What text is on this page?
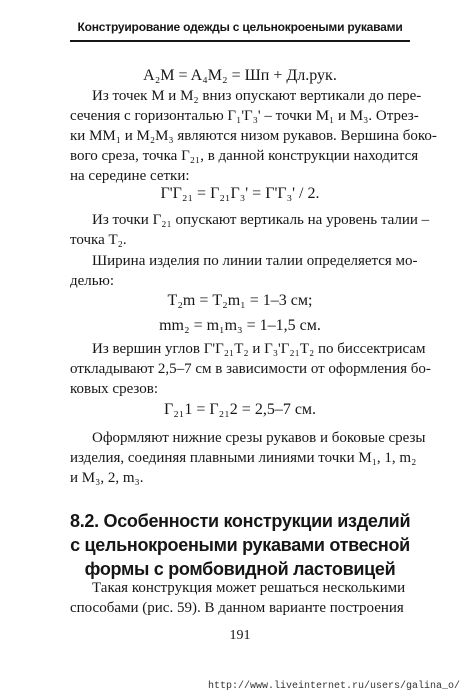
Конструирование одежды с цельнокроеными рукавами
A₂M = A₄M₂ = Шп + Дл.рук.
Из точек М и М₂ вниз опускают вертикали до пере-
сечения с горизонталью Г₁'Г₃' – точки М₁ и М₃. Отрез-
ки ММ₁ и М₂М₃ являются низом рукавов. Вершина боко-
вого среза, точка Г₂₁, в данной конструкции находится
на середине сетки:
Г'Г₂₁ = Г₂₁Г₃' = Г'Г₃' / 2.
Из точки Г₂₁ опускают вертикаль на уровень талии –
точка Т₂.
Ширина изделия по линии талии определяется мо-
делью:
Т₂m = Т₂m₁ = 1–3 см;
mm₂ = m₁m₃ = 1–1,5 см.
Из вершин углов Г'Г₂₁Т₂ и Г₃'Г₂₁Т₂ по биссектрисам
откладывают 2,5–7 см в зависимости от оформления бо-
ковых срезов:
Г₂₁1 = Г₂₁2 = 2,5–7 см.
Оформляют нижние срезы рукавов и боковые срезы
изделия, соединяя плавными линиями точки М₁, 1, m₂
и М₃, 2, m₃.
8.2. Особенности конструкции изделий
с цельнокроеными рукавами отвесной
формы с ромбовидной ластовицей
Такая конструкция может решаться несколькими
способами (рис. 59). В данном варианте построения
191
http://www.liveinternet.ru/users/galina_o/
